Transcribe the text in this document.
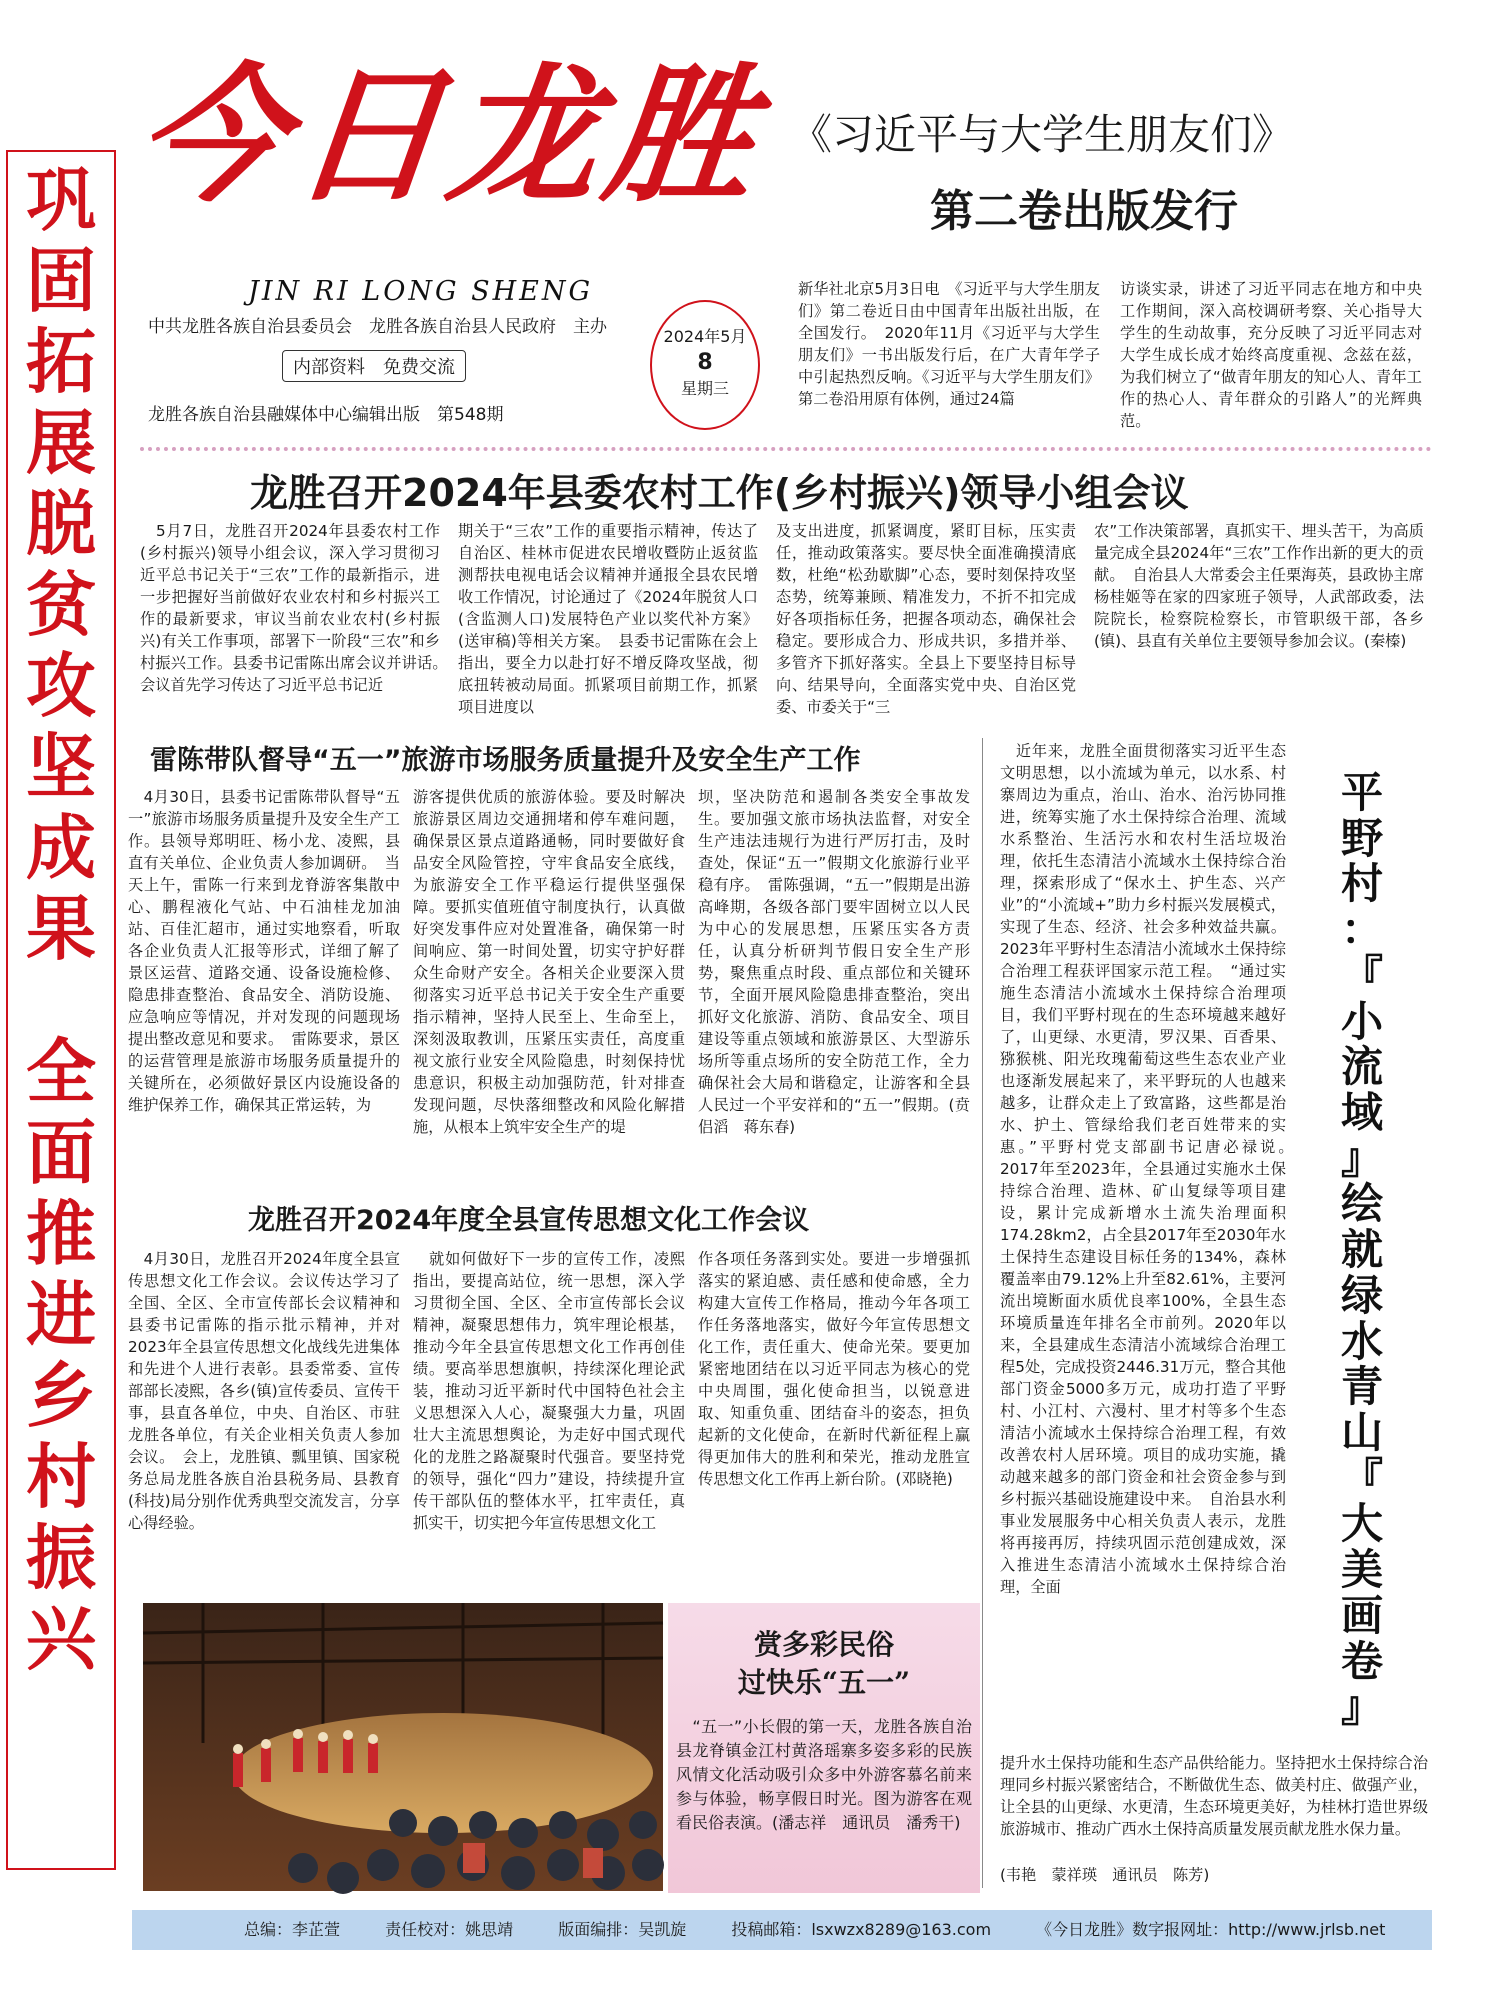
巩
固
拓
展
脱
贫
攻
坚
成
果
全
面
推
进
乡
村
振
兴
今日龙胜
JIN RI LONG SHENG
中共龙胜各族自治县委员会　龙胜各族自治县人民政府　主办
内部资料　免费交流
龙胜各族自治县融媒体中心编辑出版　第548期
2024年5月
8
星期三
《习近平与大学生朋友们》
第二卷出版发行
新华社北京5月3日电　《习近平与大学生朋友们》第二卷近日由中国青年出版社出版，在全国发行。　2020年11月《习近平与大学生朋友们》一书出版发行后，在广大青年学子中引起热烈反响。《习近平与大学生朋友们》第二卷沿用原有体例，通过24篇
访谈实录，讲述了习近平同志在地方和中央工作期间，深入高校调研考察、关心指导大学生的生动故事，充分反映了习近平同志对大学生成长成才始终高度重视、念兹在兹，为我们树立了“做青年朋友的知心人、青年工作的热心人、青年群众的引路人”的光辉典范。
龙胜召开2024年县委农村工作(乡村振兴)领导小组会议
　5月7日，龙胜召开2024年县委农村工作(乡村振兴)领导小组会议，深入学习贯彻习近平总书记关于“三农”工作的最新指示，进一步把握好当前做好农业农村和乡村振兴工作的最新要求，审议当前农业农村(乡村振兴)有关工作事项，部署下一阶段“三农”和乡村振兴工作。县委书记雷陈出席会议并讲话。　会议首先学习传达了习近平总书记近
期关于“三农”工作的重要指示精神，传达了自治区、桂林市促进农民增收暨防止返贫监测帮扶电视电话会议精神并通报全县农民增收工作情况，讨论通过了《2024年脱贫人口(含监测人口)发展特色产业以奖代补方案》(送审稿)等相关方案。　县委书记雷陈在会上指出，要全力以赴打好不增反降攻坚战，彻底扭转被动局面。抓紧项目前期工作，抓紧项目进度以
及支出进度，抓紧调度，紧盯目标，压实责任，推动政策落实。要尽快全面准确摸清底数，杜绝“松劲歇脚”心态，要时刻保持攻坚态势，统筹兼顾、精准发力，不折不扣完成好各项指标任务，把握各项动态，确保社会稳定。要形成合力、形成共识，多措并举、多管齐下抓好落实。全县上下要坚持目标导向、结果导向，全面落实党中央、自治区党委、市委关于“三
农”工作决策部署，真抓实干、埋头苦干，为高质量完成全县2024年“三农”工作作出新的更大的贡献。　自治县人大常委会主任栗海英，县政协主席杨桂姬等在家的四家班子领导，人武部政委，法院院长，检察院检察长，市管职级干部，各乡(镇)、县直有关单位主要领导参加会议。(秦榛)
雷陈带队督导“五一”旅游市场服务质量提升及安全生产工作
　4月30日，县委书记雷陈带队督导“五一”旅游市场服务质量提升及安全生产工作。县领导郑明旺、杨小龙、凌熙，县直有关单位、企业负责人参加调研。　当天上午，雷陈一行来到龙脊游客集散中心、鹏程液化气站、中石油桂龙加油站、百佳汇超市，通过实地察看，听取各企业负责人汇报等形式，详细了解了景区运营、道路交通、设备设施检修、隐患排查整治、食品安全、消防设施、应急响应等情况，并对发现的问题现场提出整改意见和要求。　雷陈要求，景区的运营管理是旅游市场服务质量提升的关键所在，必须做好景区内设施设备的维护保养工作，确保其正常运转，为
游客提供优质的旅游体验。要及时解决旅游景区周边交通拥堵和停车难问题，确保景区景点道路通畅，同时要做好食品安全风险管控，守牢食品安全底线，为旅游安全工作平稳运行提供坚强保障。要抓实值班值守制度执行，认真做好突发事件应对处置准备，确保第一时间响应、第一时间处置，切实守护好群众生命财产安全。各相关企业要深入贯彻落实习近平总书记关于安全生产重要指示精神，坚持人民至上、生命至上，深刻汲取教训，压紧压实责任，高度重视文旅行业安全风险隐患，时刻保持忧患意识，积极主动加强防范，针对排查发现问题，尽快落细整改和风险化解措施，从根本上筑牢安全生产的堤
坝，坚决防范和遏制各类安全事故发生。要加强文旅市场执法监督，对安全生产违法违规行为进行严厉打击，及时查处，保证“五一”假期文化旅游行业平稳有序。　雷陈强调，“五一”假期是出游高峰期，各级各部门要牢固树立以人民为中心的发展思想，压紧压实各方责任，认真分析研判节假日安全生产形势，聚焦重点时段、重点部位和关键环节，全面开展风险隐患排查整治，突出抓好文化旅游、消防、食品安全、项目建设等重点领域和旅游景区、大型游乐场所等重点场所的安全防范工作，全力确保社会大局和谐稳定，让游客和全县人民过一个平安祥和的“五一”假期。(贲侣滔　蒋东春)
龙胜召开2024年度全县宣传思想文化工作会议
　4月30日，龙胜召开2024年度全县宣传思想文化工作会议。会议传达学习了全国、全区、全市宣传部长会议精神和县委书记雷陈的指示批示精神，并对2023年全县宣传思想文化战线先进集体和先进个人进行表彰。县委常委、宣传部部长凌熙，各乡(镇)宣传委员、宣传干事，县直各单位，中央、自治区、市驻龙胜各单位，有关企业相关负责人参加会议。　会上，龙胜镇、瓢里镇、国家税务总局龙胜各族自治县税务局、县教育(科技)局分别作优秀典型交流发言，分享心得经验。
　就如何做好下一步的宣传工作，凌熙指出，要提高站位，统一思想，深入学习贯彻全国、全区、全市宣传部长会议精神，凝聚思想伟力，筑牢理论根基，推动今年全县宣传思想文化工作再创佳绩。要高举思想旗帜，持续深化理论武装，推动习近平新时代中国特色社会主义思想深入人心，凝聚强大力量，巩固壮大主流思想舆论，为走好中国式现代化的龙胜之路凝聚时代强音。要坚持党的领导，强化“四力”建设，持续提升宣传干部队伍的整体水平，扛牢责任，真抓实干，切实把今年宣传思想文化工
作各项任务落到实处。要进一步增强抓落实的紧迫感、责任感和使命感，全力构建大宣传工作格局，推动今年各项工作任务落地落实，做好今年宣传思想文化工作，责任重大、使命光荣。要更加紧密地团结在以习近平同志为核心的党中央周围，强化使命担当，以锐意进取、知重负重、团结奋斗的姿态，担负起新的文化使命，在新时代新征程上赢得更加伟大的胜利和荣光，推动龙胜宣传思想文化工作再上新台阶。(邓晓艳)
　近年来，龙胜全面贯彻落实习近平生态文明思想，以小流域为单元，以水系、村寨周边为重点，治山、治水、治污协同推进，统筹实施了水土保持综合治理、流域水系整治、生活污水和农村生活垃圾治理，依托生态清洁小流域水土保持综合治理，探索形成了“保水土、护生态、兴产业”的“小流域+”助力乡村振兴发展模式，实现了生态、经济、社会多种效益共赢。2023年平野村生态清洁小流域水土保持综合治理工程获评国家示范工程。　“通过实施生态清洁小流域水土保持综合治理项目，我们平野村现在的生态环境越来越好了，山更绿、水更清，罗汉果、百香果、猕猴桃、阳光玫瑰葡萄这些生态农业产业也逐渐发展起来了，来平野玩的人也越来越多，让群众走上了致富路，这些都是治水、护土、管绿给我们老百姓带来的实惠。”平野村党支部副书记唐必禄说。　2017年至2023年，全县通过实施水土保持综合治理、造林、矿山复绿等项目建设，累计完成新增水土流失治理面积174.28km2，占全县2017年至2030年水土保持生态建设目标任务的134%，森林覆盖率由79.12%上升至82.61%，主要河流出境断面水质优良率100%，全县生态环境质量连年排名全市前列。2020年以来，全县建成生态清洁小流域综合治理工程5处，完成投资2446.31万元，整合其他部门资金5000多万元，成功打造了平野村、小江村、六漫村、里才村等多个生态清洁小流域水土保持综合治理工程，有效改善农村人居环境。项目的成功实施，撬动越来越多的部门资金和社会资金参与到乡村振兴基础设施建设中来。　自治县水利事业发展服务中心相关负责人表示，龙胜将再接再厉，持续巩固示范创建成效，深入推进生态清洁小流域水土保持综合治理，全面
平
野
村
：
『
小
流
域
』
绘
就
绿
水
青
山
『
大
美
画
卷
』
提升水土保持功能和生态产品供给能力。坚持把水土保持综合治理同乡村振兴紧密结合，不断做优生态、做美村庄、做强产业，让全县的山更绿、水更清，生态环境更美好，为桂林打造世界级旅游城市、推动广西水土保持高质量发展贡献龙胜水保力量。
(韦艳　蒙祥瑛　通讯员　陈芳)
赏多彩民俗
过快乐“五一”
　“五一”小长假的第一天，龙胜各族自治县龙脊镇金江村黄洛瑶寨多姿多彩的民族风情文化活动吸引众多中外游客慕名前来参与体验，畅享假日时光。图为游客在观看民俗表演。(潘志祥　通讯员　潘秀干)
总编：李芷萱	责任校对：姚思靖	版面编排：吴凯旋	投稿邮箱：lsxwzx8289@163.com	《今日龙胜》数字报网址：http://www.jrlsb.net
